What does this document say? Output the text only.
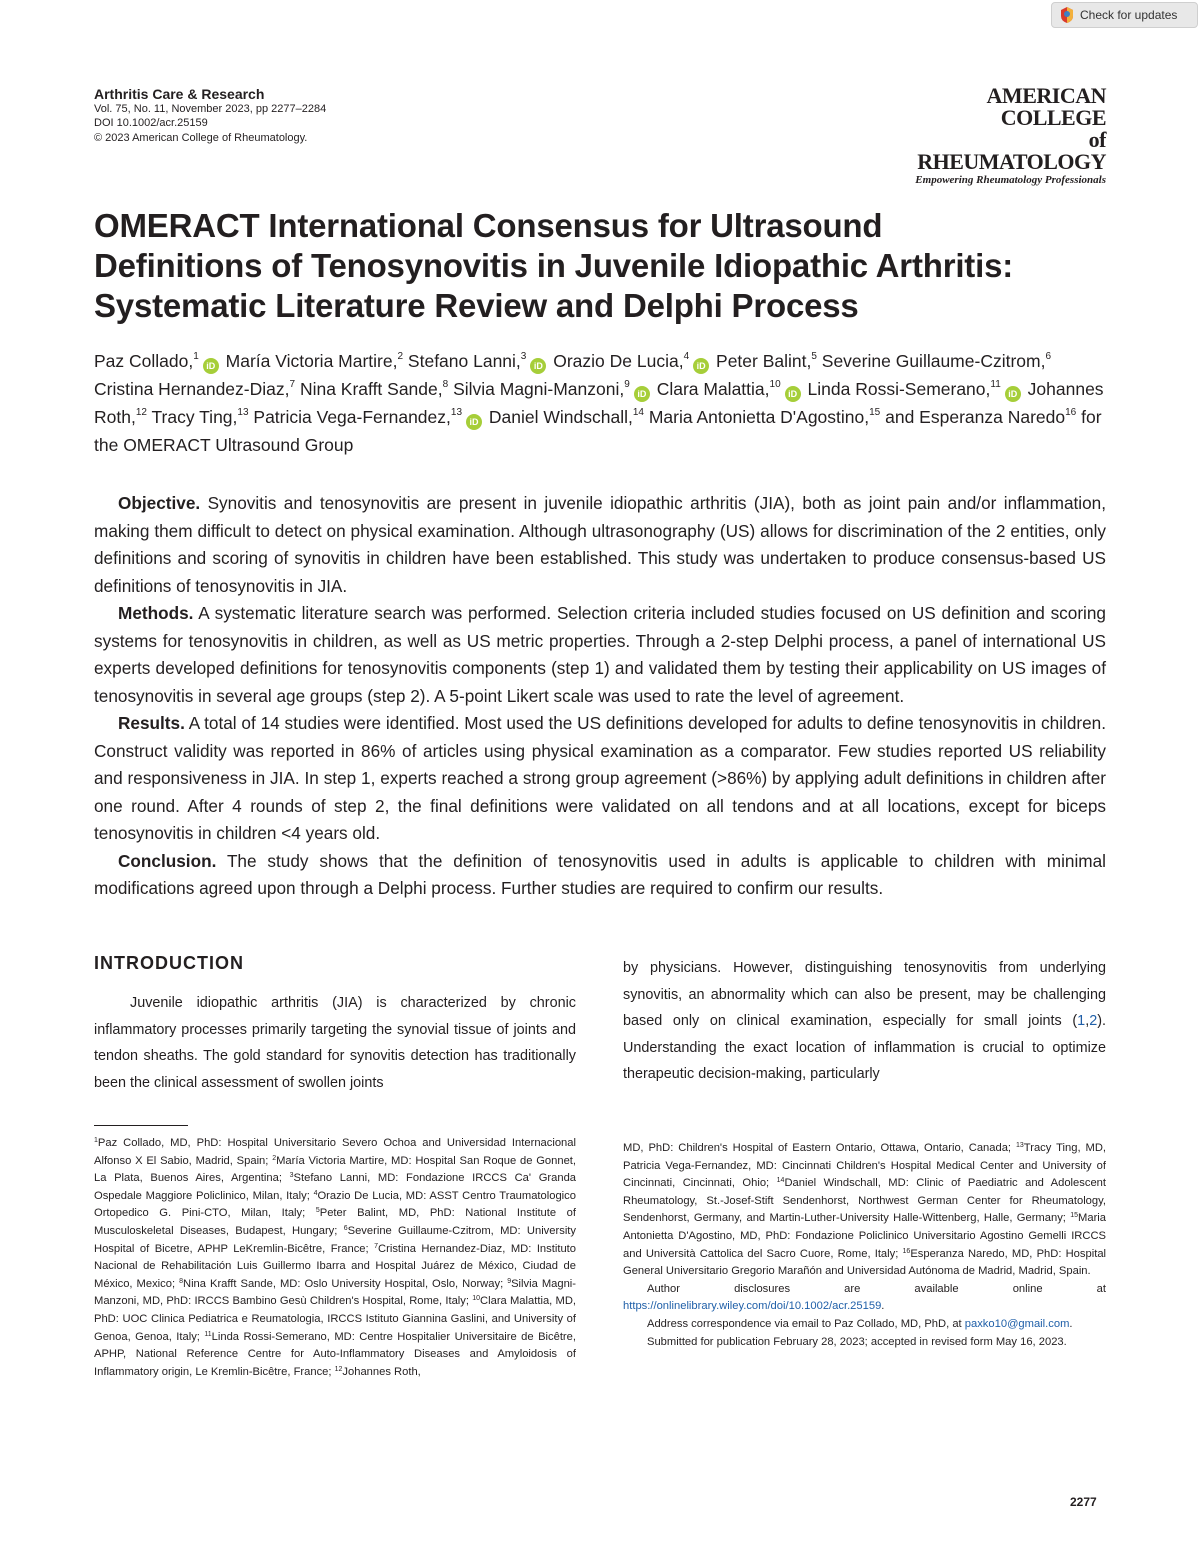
Check for updates
Arthritis Care & Research
Vol. 75, No. 11, November 2023, pp 2277–2284
DOI 10.1002/acr.25159
© 2023 American College of Rheumatology.
AMERICAN COLLEGE
of RHEUMATOLOGY
Empowering Rheumatology Professionals
OMERACT International Consensus for Ultrasound
Definitions of Tenosynovitis in Juvenile Idiopathic Arthritis:
Systematic Literature Review and Delphi Process
Paz Collado,$^1$iD María Victoria Martire,$^2$ Stefano Lanni,$^3$iD Orazio De Lucia,$^4$iD Peter Balint,$^5$ Severine Guillaume-Czitrom,$^6$ Cristina Hernandez-Diaz,$^7$ Nina Krafft Sande,$^8$ Silvia Magni-Manzoni,$^9$iD Clara Malattia,$^{10}$iD Linda Rossi-Semerano,$^{11}$iD Johannes Roth,$^{12}$ Tracy Ting,$^{13}$ Patricia Vega-Fernandez,$^{13}$iD Daniel Windschall,$^{14}$ Maria Antonietta D'Agostino,$^{15}$ and Esperanza Naredo$^{16}$ for the OMERACT Ultrasound Group

Objective. Synovitis and tenosynovitis are present in juvenile idiopathic arthritis (JIA), both as joint pain and/or inflammation, making them difficult to detect on physical examination. Although ultrasonography (US) allows for discrimination of the 2 entities, only definitions and scoring of synovitis in children have been established. This study was undertaken to produce consensus-based US definitions of tenosynovitis in JIA.

Methods. A systematic literature search was performed. Selection criteria included studies focused on US definition and scoring systems for tenosynovitis in children, as well as US metric properties. Through a 2-step Delphi process, a panel of international US experts developed definitions for tenosynovitis components (step 1) and validated them by testing their applicability on US images of tenosynovitis in several age groups (step 2). A 5-point Likert scale was used to rate the level of agreement.

Results. A total of 14 studies were identified. Most used the US definitions developed for adults to define tenosynovitis in children. Construct validity was reported in 86% of articles using physical examination as a comparator. Few studies reported US reliability and responsiveness in JIA. In step 1, experts reached a strong group agreement (>86%) by applying adult definitions in children after one round. After 4 rounds of step 2, the final definitions were validated on all tendons and at all locations, except for biceps tenosynovitis in children <4 years old.

Conclusion. The study shows that the definition of tenosynovitis used in adults is applicable to children with minimal modifications agreed upon through a Delphi process. Further studies are required to confirm our results.

INTRODUCTION

Juvenile idiopathic arthritis (JIA) is characterized by chronic inflammatory processes primarily targeting the synovial tissue of joints and tendon sheaths. The gold standard for synovitis detection has traditionally been the clinical assessment of swollen joints

by physicians. However, distinguishing tenosynovitis from underlying synovitis, an abnormality which can also be present, may be challenging based only on clinical examination, especially for small joints (1,2). Understanding the exact location of inflammation is crucial to optimize therapeutic decision-making, particularly

$^1$Paz Collado, MD, PhD: Hospital Universitario Severo Ochoa and Universidad Internacional Alfonso X El Sabio, Madrid, Spain; $^2$María Victoria Martire, MD: Hospital San Roque de Gonnet, La Plata, Buenos Aires, Argentina; $^3$Stefano Lanni, MD: Fondazione IRCCS Ca' Granda Ospedale Maggiore Policlinico, Milan, Italy; $^4$Orazio De Lucia, MD: ASST Centro Traumatologico Ortopedico G. Pini-CTO, Milan, Italy; $^5$Peter Balint, MD, PhD: National Institute of Musculoskeletal Diseases, Budapest, Hungary; $^6$Severine Guillaume-Czitrom, MD: University Hospital of Bicetre, APHP LeKremlin-Bicêtre, France; $^7$Cristina Hernandez-Diaz, MD: Instituto Nacional de Rehabilitación Luis Guillermo Ibarra and Hospital Juárez de México, Ciudad de México, Mexico; $^8$Nina Krafft Sande, MD: Oslo University Hospital, Oslo, Norway; $^9$Silvia Magni-Manzoni, MD, PhD: IRCCS Bambino Gesù Children's Hospital, Rome, Italy; $^{10}$Clara Malattia, MD, PhD: UOC Clinica Pediatrica e Reumatologia, IRCCS Istituto Giannina Gaslini, and University of Genoa, Genoa, Italy; $^{11}$Linda Rossi-Semerano, MD: Centre Hospitalier Universitaire de Bicêtre, APHP, National Reference Centre for Auto-Inflammatory Diseases and Amyloidosis of Inflammatory origin, Le Kremlin-Bicêtre, France; $^{12}$Johannes Roth,

MD, PhD: Children's Hospital of Eastern Ontario, Ottawa, Ontario, Canada; $^{13}$Tracy Ting, MD, Patricia Vega-Fernandez, MD: Cincinnati Children's Hospital Medical Center and University of Cincinnati, Cincinnati, Ohio; $^{14}$Daniel Windschall, MD: Clinic of Paediatric and Adolescent Rheumatology, St.-Josef-Stift Sendenhorst, Northwest German Center for Rheumatology, Sendenhorst, Germany, and Martin-Luther-University Halle-Wittenberg, Halle, Germany; $^{15}$Maria Antonietta D'Agostino, MD, PhD: Fondazione Policlinico Universitario Agostino Gemelli IRCCS and Università Cattolica del Sacro Cuore, Rome, Italy; $^{16}$Esperanza Naredo, MD, PhD: Hospital General Universitario Gregorio Marañón and Universidad Autónoma de Madrid, Madrid, Spain.

Author disclosures are available online at https://onlinelibrary.wiley.com/doi/10.1002/acr.25159.

Address correspondence via email to Paz Collado, MD, PhD, at paxko10@gmail.com.

Submitted for publication February 28, 2023; accepted in revised form May 16, 2023.

2277
